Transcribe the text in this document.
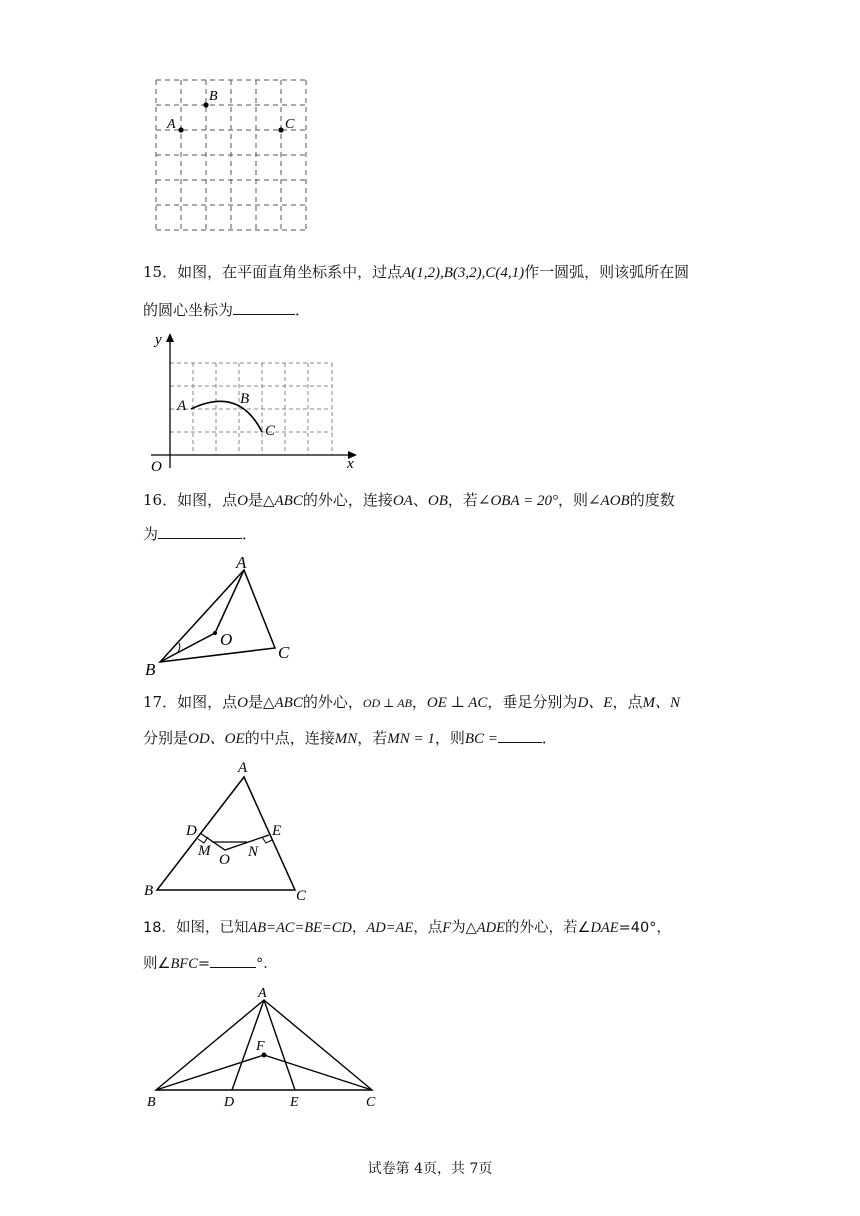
B
A	C
15．如图，在平面直角坐标系中，过点A(1,2),B(3,2),C(4,1)作一圆弧，则该弧所在圆
的圆心坐标为	．
y
x
O
A	B
C
16．如图，点O是△ABC的外心，连接OA、OB，若∠OBA = 20°，则∠AOB的度数
为	．
A
O
B
C
17．如图，点O是△ABC的外心，OD ⊥ AB，OE ⊥ AC，垂足分别为D、E，点M、N
分别是OD、OE的中点，连接MN，若MN = 1，则BC =	．
A
D	E
M
O N
B	C
18．如图，已知AB=AC=BE=CD，AD=AE，点F为△ADE的外心，若∠DAE=40°，
则∠BFC=	°．
A
F
B	D	E	C
试卷第 4页，共 7页
